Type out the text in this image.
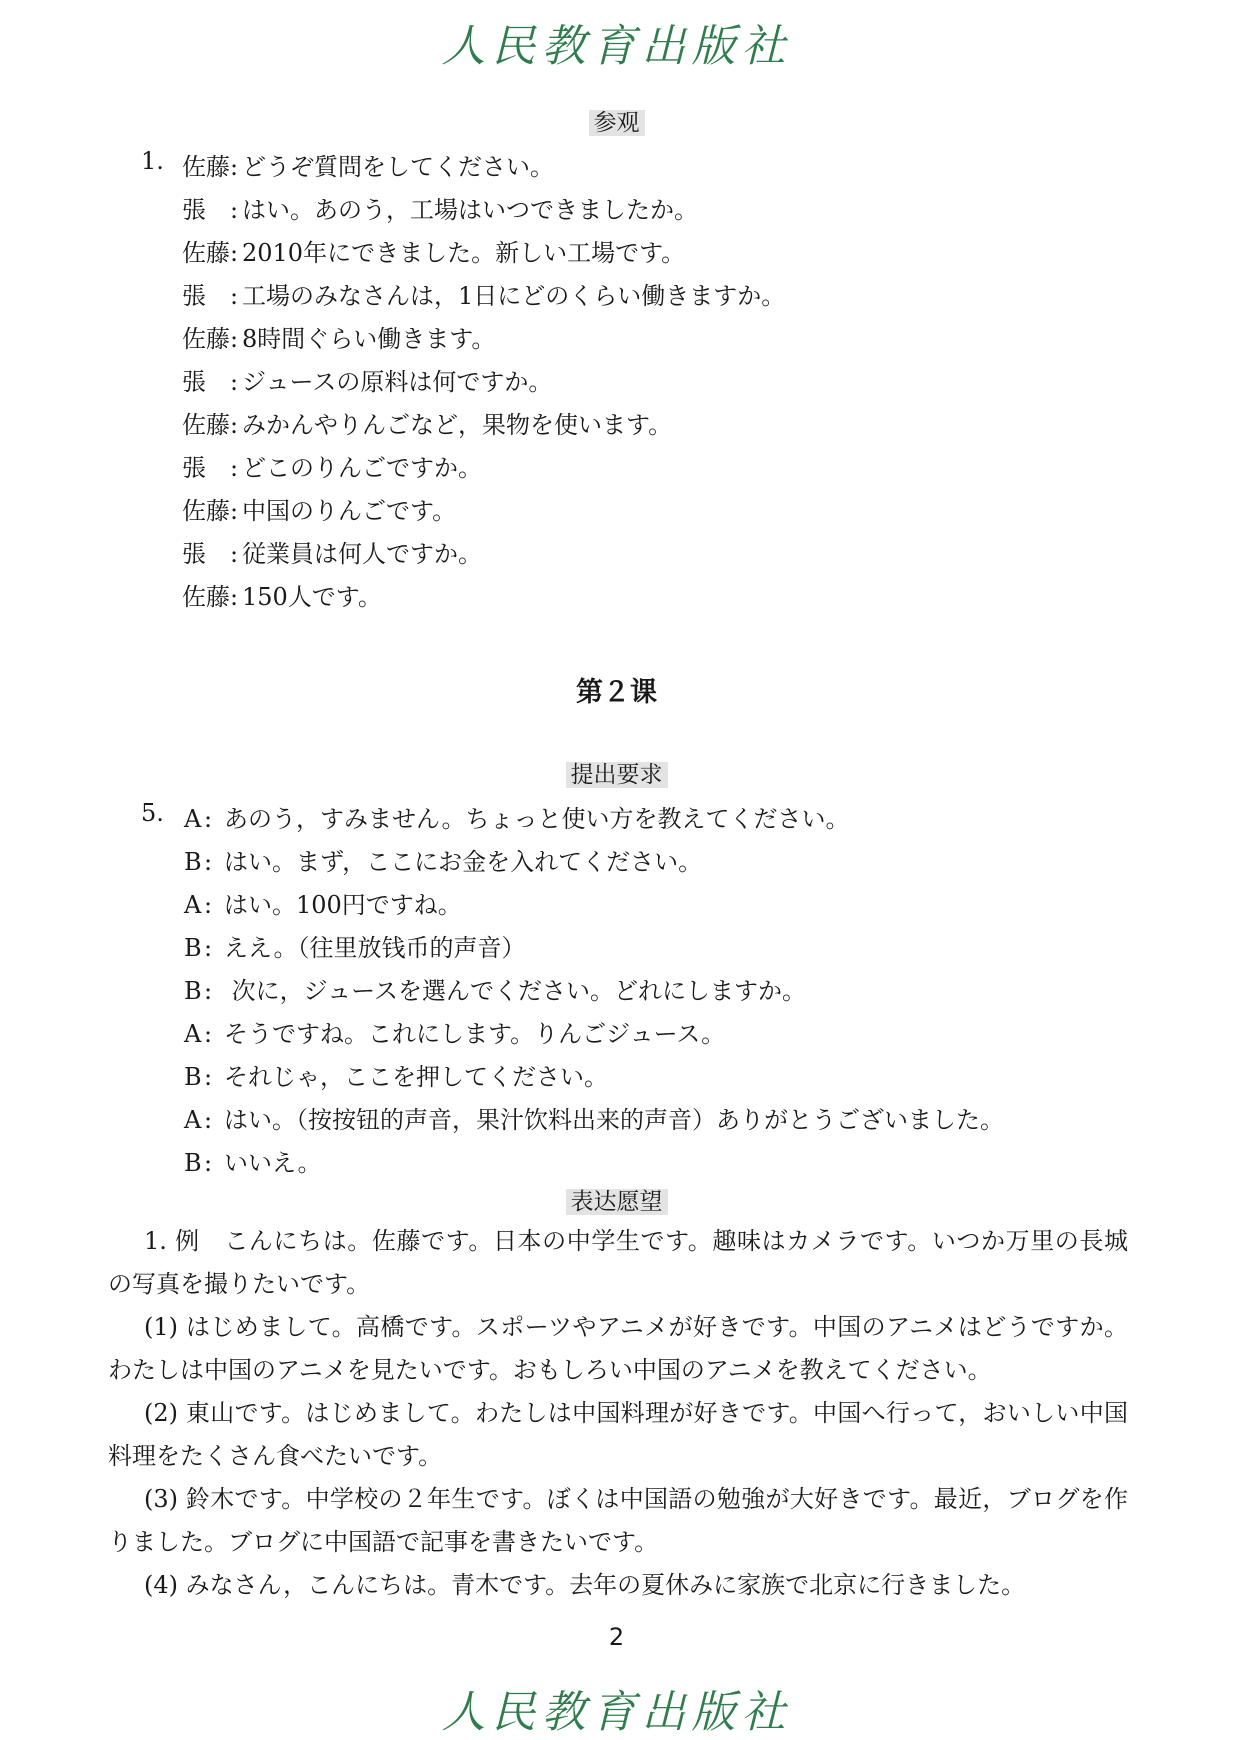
人民教育出版社
参观
1. 佐藤: どうぞ質問をしてください。
張　: はい。あのう，工場はいつできましたか。
佐藤: 2010年にできました。新しい工場です。
張　: 工場のみなさんは，1日にどのくらい働きますか。
佐藤: 8時間ぐらい働きます。
張　: ジュースの原料は何ですか。
佐藤: みかんやりんごなど，果物を使います。
張　: どこのりんごですか。
佐藤: 中国のりんごです。
張　: 従業員は何人ですか。
佐藤: 150人です。
第２课
提出要求
5. A : あのう，すみません。ちょっと使い方を教えてください。
B: はい。まず，ここにお金を入れてください。
A : はい。100円ですね。
B: ええ。（往里放钱币的声音）
B: 次に，ジュースを選んでください。どれにしますか。
A : そうですね。これにします。りんごジュース。
B: それじゃ，ここを押してください。
A : はい。（按按钮的声音，果汁饮料出来的声音）ありがとうございました。
B: いいえ。
表达愿望
1. 例　こんにちは。佐藤です。日本の中学生です。趣味はカメラです。いつか万里の長城の写真を撮りたいです。
(1) はじめまして。高橋です。スポーツやアニメが好きです。中国のアニメはどうですか。わたしは中国のアニメを見たいです。おもしろい中国のアニメを教えてください。
(2) 東山です。はじめまして。わたしは中国料理が好きです。中国へ行って，おいしい中国料理をたくさん食べたいです。
(3) 鈴木です。中学校の２年生です。ぼくは中国語の勉強が大好きです。最近，ブログを作りました。ブログに中国語で記事を書きたいです。
(4) みなさん，こんにちは。青木です。去年の夏休みに家族で北京に行きました。
2
人民教育出版社
